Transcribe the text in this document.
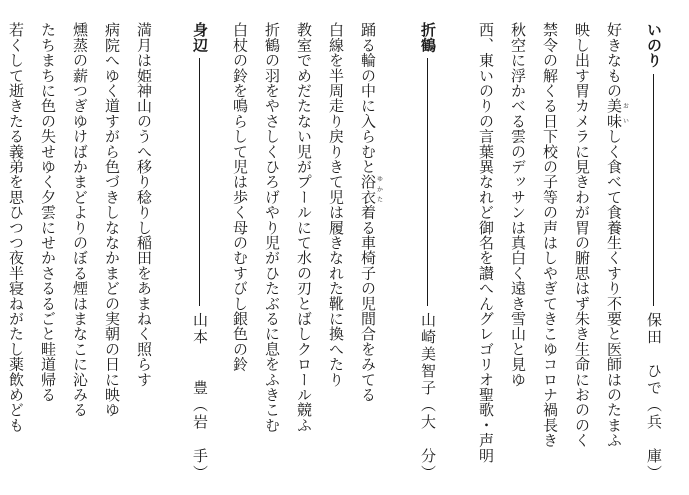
いのり
保田　ひで（兵　庫）
好きなもの美味おいしく食べて食養生くすり不要と医師はのたまふ
映し出す胃カメラに見きわが胃の腑思はず朱き生命におののく
禁令の解くる日下校の子等の声はしやぎてきこゆコロナ禍長き
秋空に浮かべる雲のデッサンは真白く遠き雪山と見ゆ
西、東いのりの言葉異なれど御名を讃へんグレゴリオ聖歌・声明
折鶴
山崎美智子（大　分）
踊る輪の中に入らむと浴衣ゆかた着る車椅子の児間合をみてる
白線を半周走り戻りきて児は履きなれた靴に換へたり
教室でめだたない児がプールにて水の刃とばしクロール競ふ
折鶴の羽をやさしくひろげやり児がひたぶるに息をふきこむ
白杖の鈴を鳴らして児は歩く母のむすびし銀色の鈴
身辺
山本　　豊（岩　手）
満月は姫神山のうへ移り稔りし稲田をあまねく照らす
病院へゆく道すがら色づきしななかまどの実朝の日に映ゆ
燻蒸の薪つぎゆけばかまどよりのぼる煙はまなこに沁みる
たちまちに色の失せゆく夕雲にせかさるるごと畦道帰る
若くして逝きたる義弟を思ひつつ夜半寝ねがたし薬飲めども
